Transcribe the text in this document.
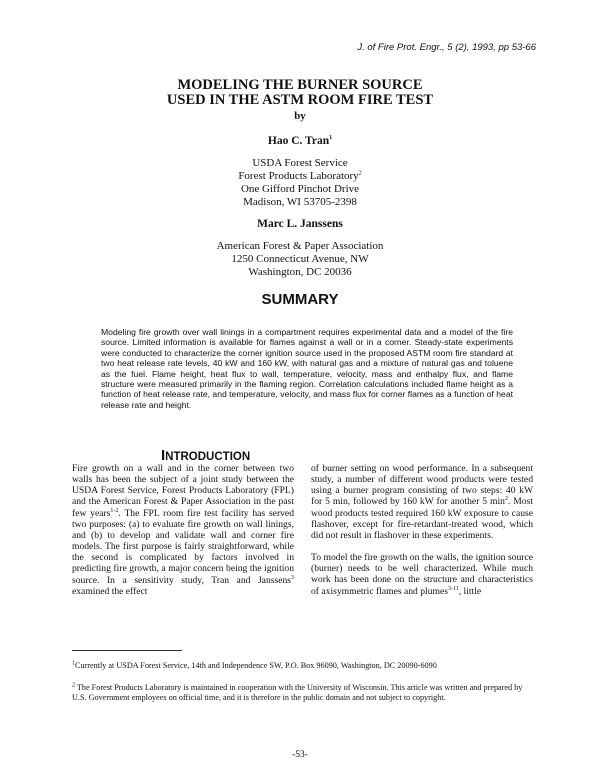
J. of Fire Prot. Engr., 5 (2), 1993, pp 53-66
MODELING THE BURNER SOURCE
USED IN THE ASTM ROOM FIRE TEST
by
Hao C. Tran$^1$
USDA Forest Service
Forest Products Laboratory$^2$
One Gifford Pinchot Drive
Madison, WI 53705-2398
Marc L. Janssens
American Forest & Paper Association
1250 Connecticut Avenue, NW
Washington, DC 20036
SUMMARY
Modeling fire growth over wall linings in a compartment requires experimental data and a model of the fire source. Limited information is available for flames against a wall or in a corner. Steady-state experiments were conducted to characterize the corner ignition source used in the proposed ASTM room fire standard at two heat release rate levels, 40 kW and 160 kW, with natural gas and a mixture of natural gas and toluene as the fuel. Flame height, heat flux to wall, temperature, velocity, mass and enthalpy flux, and flame structure were measured primarily in the flaming region. Correlation calculations included flame height as a function of heat release rate, and temperature, velocity, and mass flux for corner flames as a function of heat release rate and height.
INTRODUCTION

Fire growth on a wall and in the corner between two walls has been the subject of a joint study between the USDA Forest Service, Forest Products Laboratory (FPL) and the American Forest & Paper Association in the past few years$^{1-2}$. The FPL room fire test facility has served two purposes: (a) to evaluate fire growth on wall linings, and (b) to develop and validate wall and corner fire models. The first purpose is fairly straightforward, while the second is complicated by factors involved in predicting fire growth, a major concern being the ignition source. In a sensitivity study, Tran and Janssens$^3$ examined the effect

of burner setting on wood performance. In a subsequent study, a number of different wood products were tested using a burner program consisting of two steps: 40 kW for 5 min, followed by 160 kW for another 5 $\min^2$. Most wood products tested required 160 kW exposure to cause flashover, except for fire-retardant-treated wood, which did not result in flashover in these experiments.

To model the fire growth on the walls, the ignition source (burner) needs to be well characterized. While much work has been done on the structure and characteristics of axisymmetric flames and plumes$^{3-11}$, little

$^1$Currently at USDA Forest Service, 14th and Independence SW, P.O. Box 96090, Washington, DC 20090-6090
$^2$ The Forest Products Laboratory is maintained in cooperation with the University of Wisconsin. This article was written and prepared by U.S. Government employees on official time, and it is therefore in the public domain and not subject to copyright.
-53-
